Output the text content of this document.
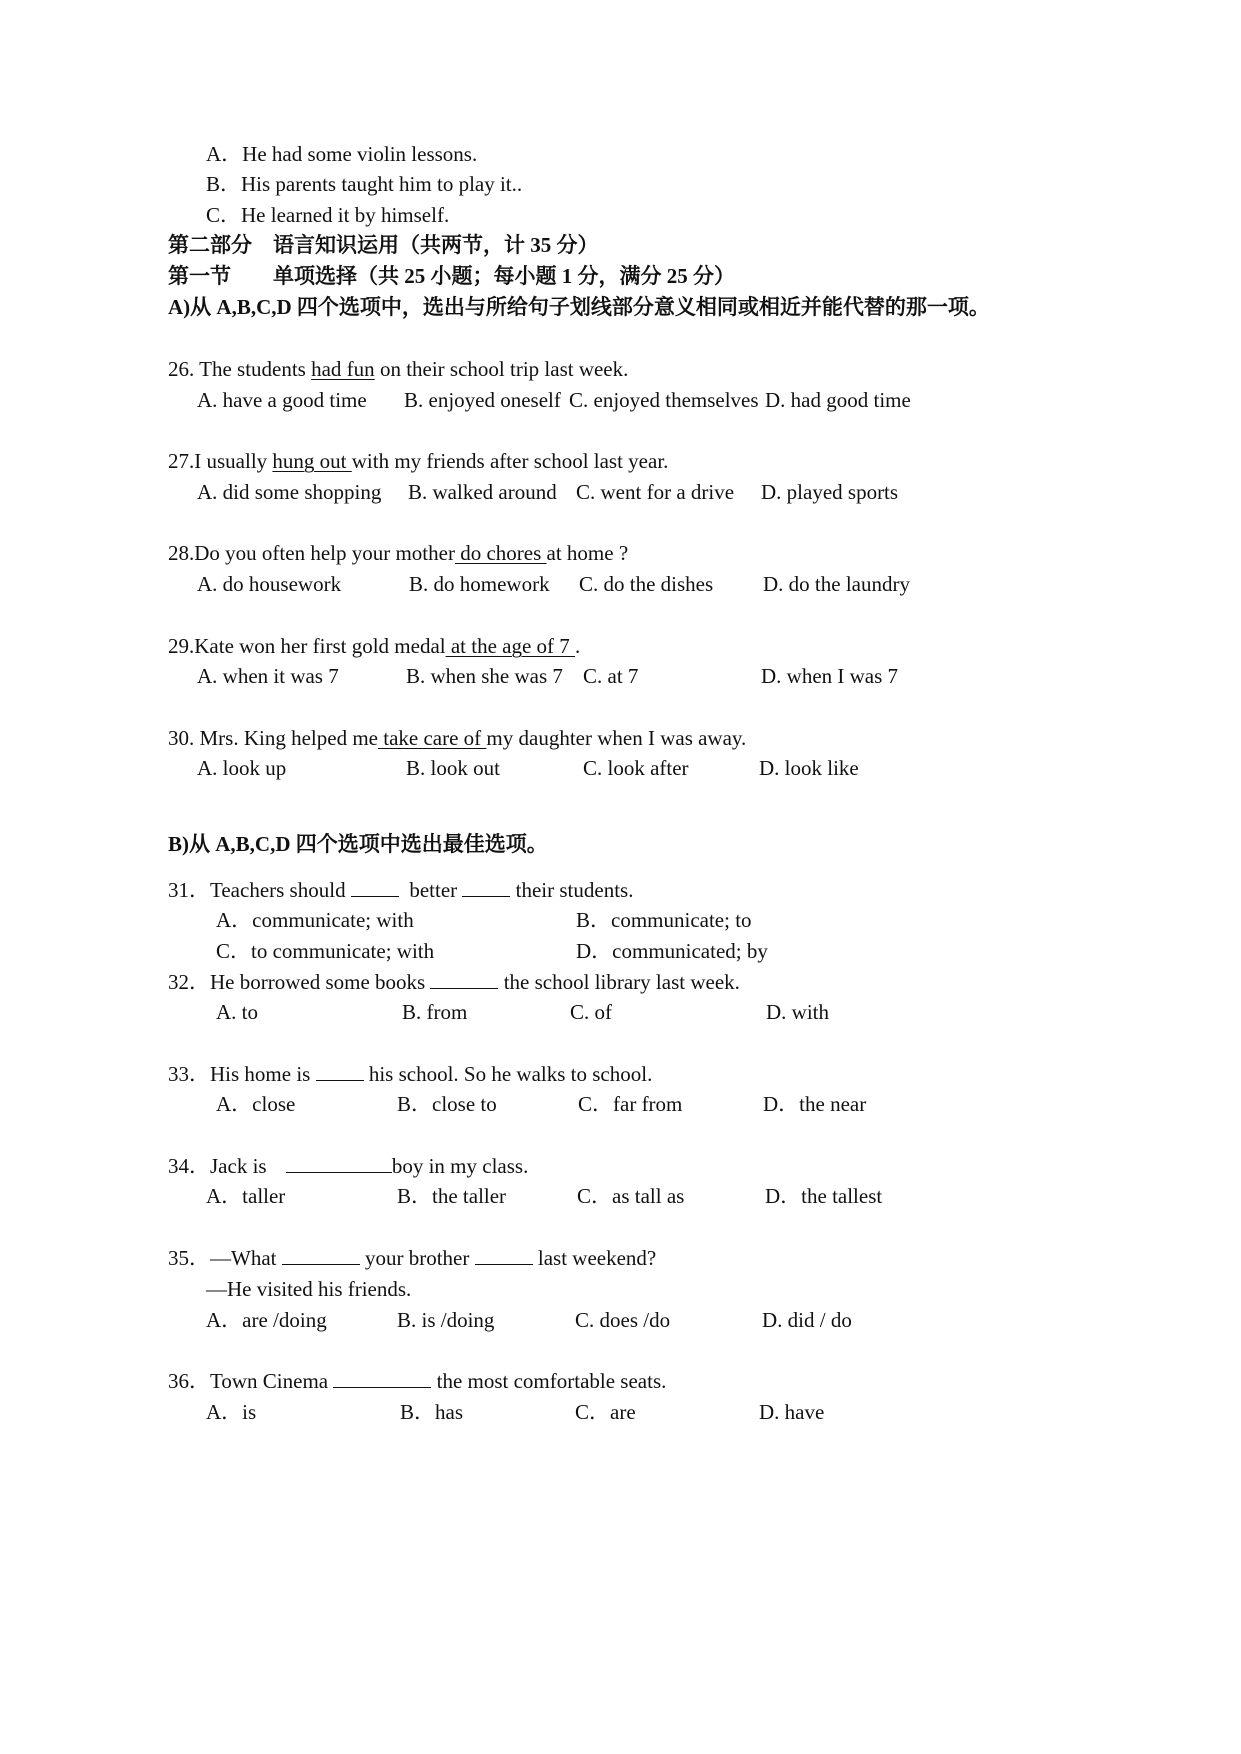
A．He had some violin lessons.
B．His parents taught him to play it..
C．He learned it by himself.
第二部分　语言知识运用（共两节，计 35 分）
第一节　　单项选择（共 25 小题；每小题 1 分，满分 25 分）
A)从 A,B,C,D 四个选项中，选出与所给句子划线部分意义相同或相近并能代替的那一项。
26. The students had fun on their school trip last week.
A. have a good time B. enjoyed oneself C. enjoyed themselves D. had good time
27.I usually hung out with my friends after school last year.
A. did some shopping B. walked around C. went for a drive D. played sports
28.Do you often help your mother do chores at home ?
A. do housework	B. do homework C. do the dishes D. do the laundry
29.Kate won her first gold medal at the age of 7 .
A. when it was 7	B. when she was 7 C. at 7	D. when I was 7
30. Mrs. King helped me take care of my daughter when I was away.
A. look up	B. look out	C. look after	D. look like
B)从 A,B,C,D 四个选项中选出最佳选项。
31．Teachers should   better  their students.
A．communicate; with	B．communicate; to
C．to communicate; with	D．communicated; by
32．He borrowed some books	the school library last week.
A. to	B. from	C. of	D. with
33．His home is  his school. So he walks to school.
A．close	B．close to	C．far from	D．the near
34．Jack is	boy in my class.
A．taller	B．the taller	C．as tall as	D．the tallest
35．—What	your brother	last weekend?
—He visited his friends.
A．are /doing	B. is /doing	C. does /do	D. did / do
36．Town Cinema	the most comfortable seats.
A．is	B．has	C．are	D. have
